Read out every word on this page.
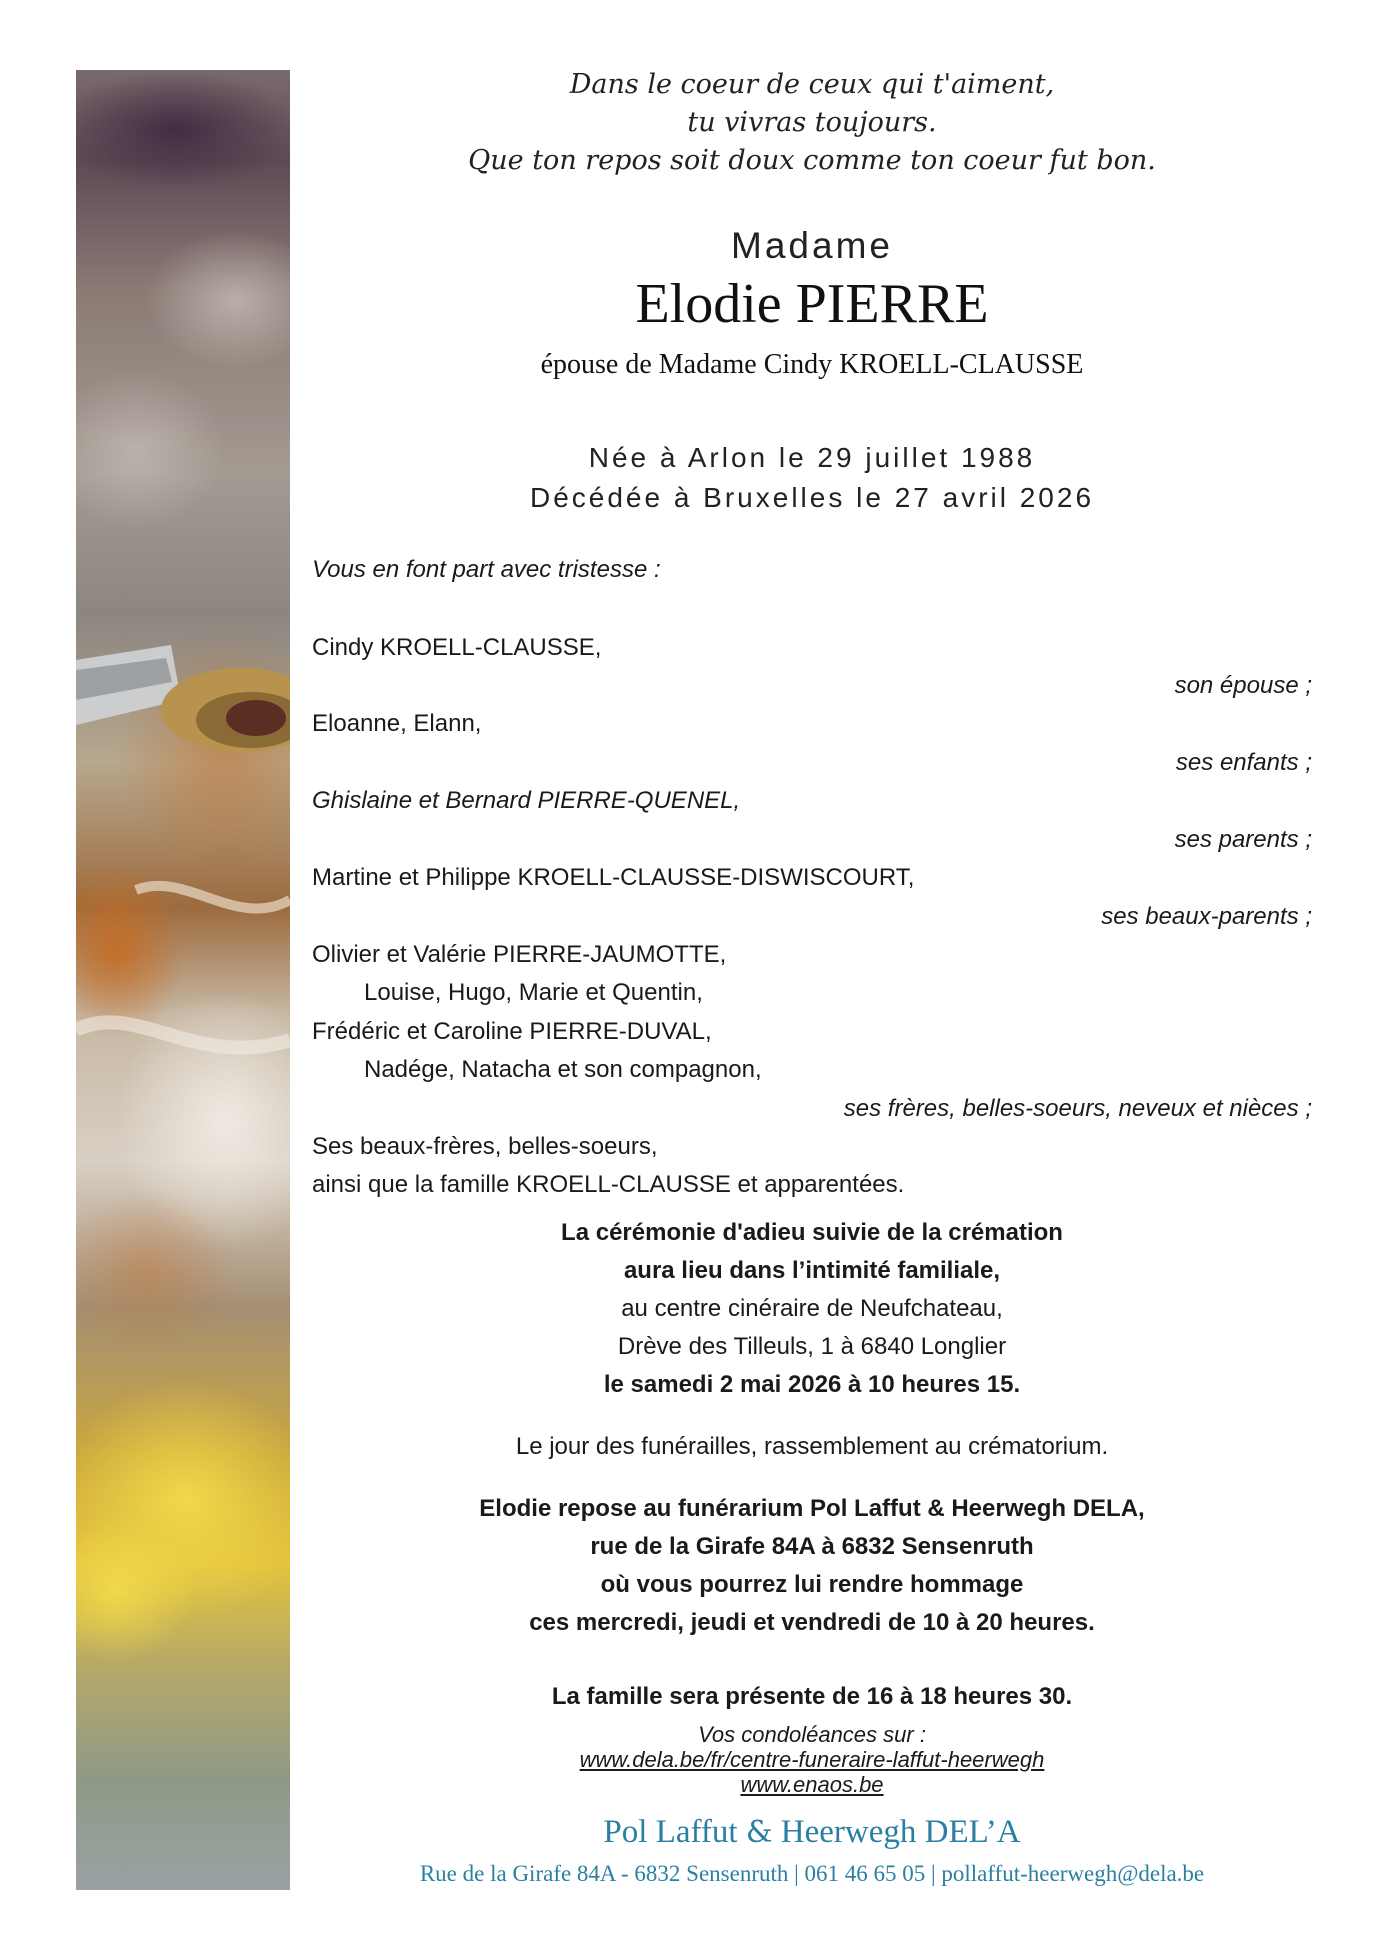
Dans le coeur de ceux qui t'aiment,
tu vivras toujours.
Que ton repos soit doux comme ton coeur fut bon.
Madame
Elodie PIERRE
épouse de Madame Cindy KROELL-CLAUSSE
Née à Arlon le 29 juillet 1988
Décédée à Bruxelles le 27 avril 2026
Vous en font part avec tristesse :
Cindy KROELL-CLAUSSE,
son épouse ;
Eloanne, Elann,
ses enfants ;
Ghislaine et Bernard PIERRE-QUENEL,
ses parents ;
Martine et Philippe KROELL-CLAUSSE-DISWISCOURT,
ses beaux-parents ;
Olivier et Valérie PIERRE-JAUMOTTE,
Louise, Hugo, Marie et Quentin,
Frédéric et Caroline PIERRE-DUVAL,
Nadége, Natacha et son compagnon,
ses frères, belles-soeurs, neveux et nièces ;
Ses beaux-frères, belles-soeurs,
ainsi que la famille KROELL-CLAUSSE et apparentées.
La cérémonie d'adieu suivie de la crémation
aura lieu dans l’intimité familiale,
au centre cinéraire de Neufchateau,
Drève des Tilleuls, 1 à 6840 Longlier
le samedi 2 mai 2026 à 10 heures 15.
Le jour des funérailles, rassemblement au crématorium.
Elodie repose au funérarium Pol Laffut & Heerwegh DELA,
rue de la Girafe 84A à 6832 Sensenruth
où vous pourrez lui rendre hommage
ces mercredi, jeudi et vendredi de 10 à 20 heures.
La famille sera présente de 16 à 18 heures 30.
Vos condoléances sur :
www.dela.be/fr/centre-funeraire-laffut-heerwegh
www.enaos.be
Pol Laffut & Heerwegh DEL’A
Rue de la Girafe 84A - 6832 Sensenruth | 061 46 65 05 | pollaffut-heerwegh@dela.be
